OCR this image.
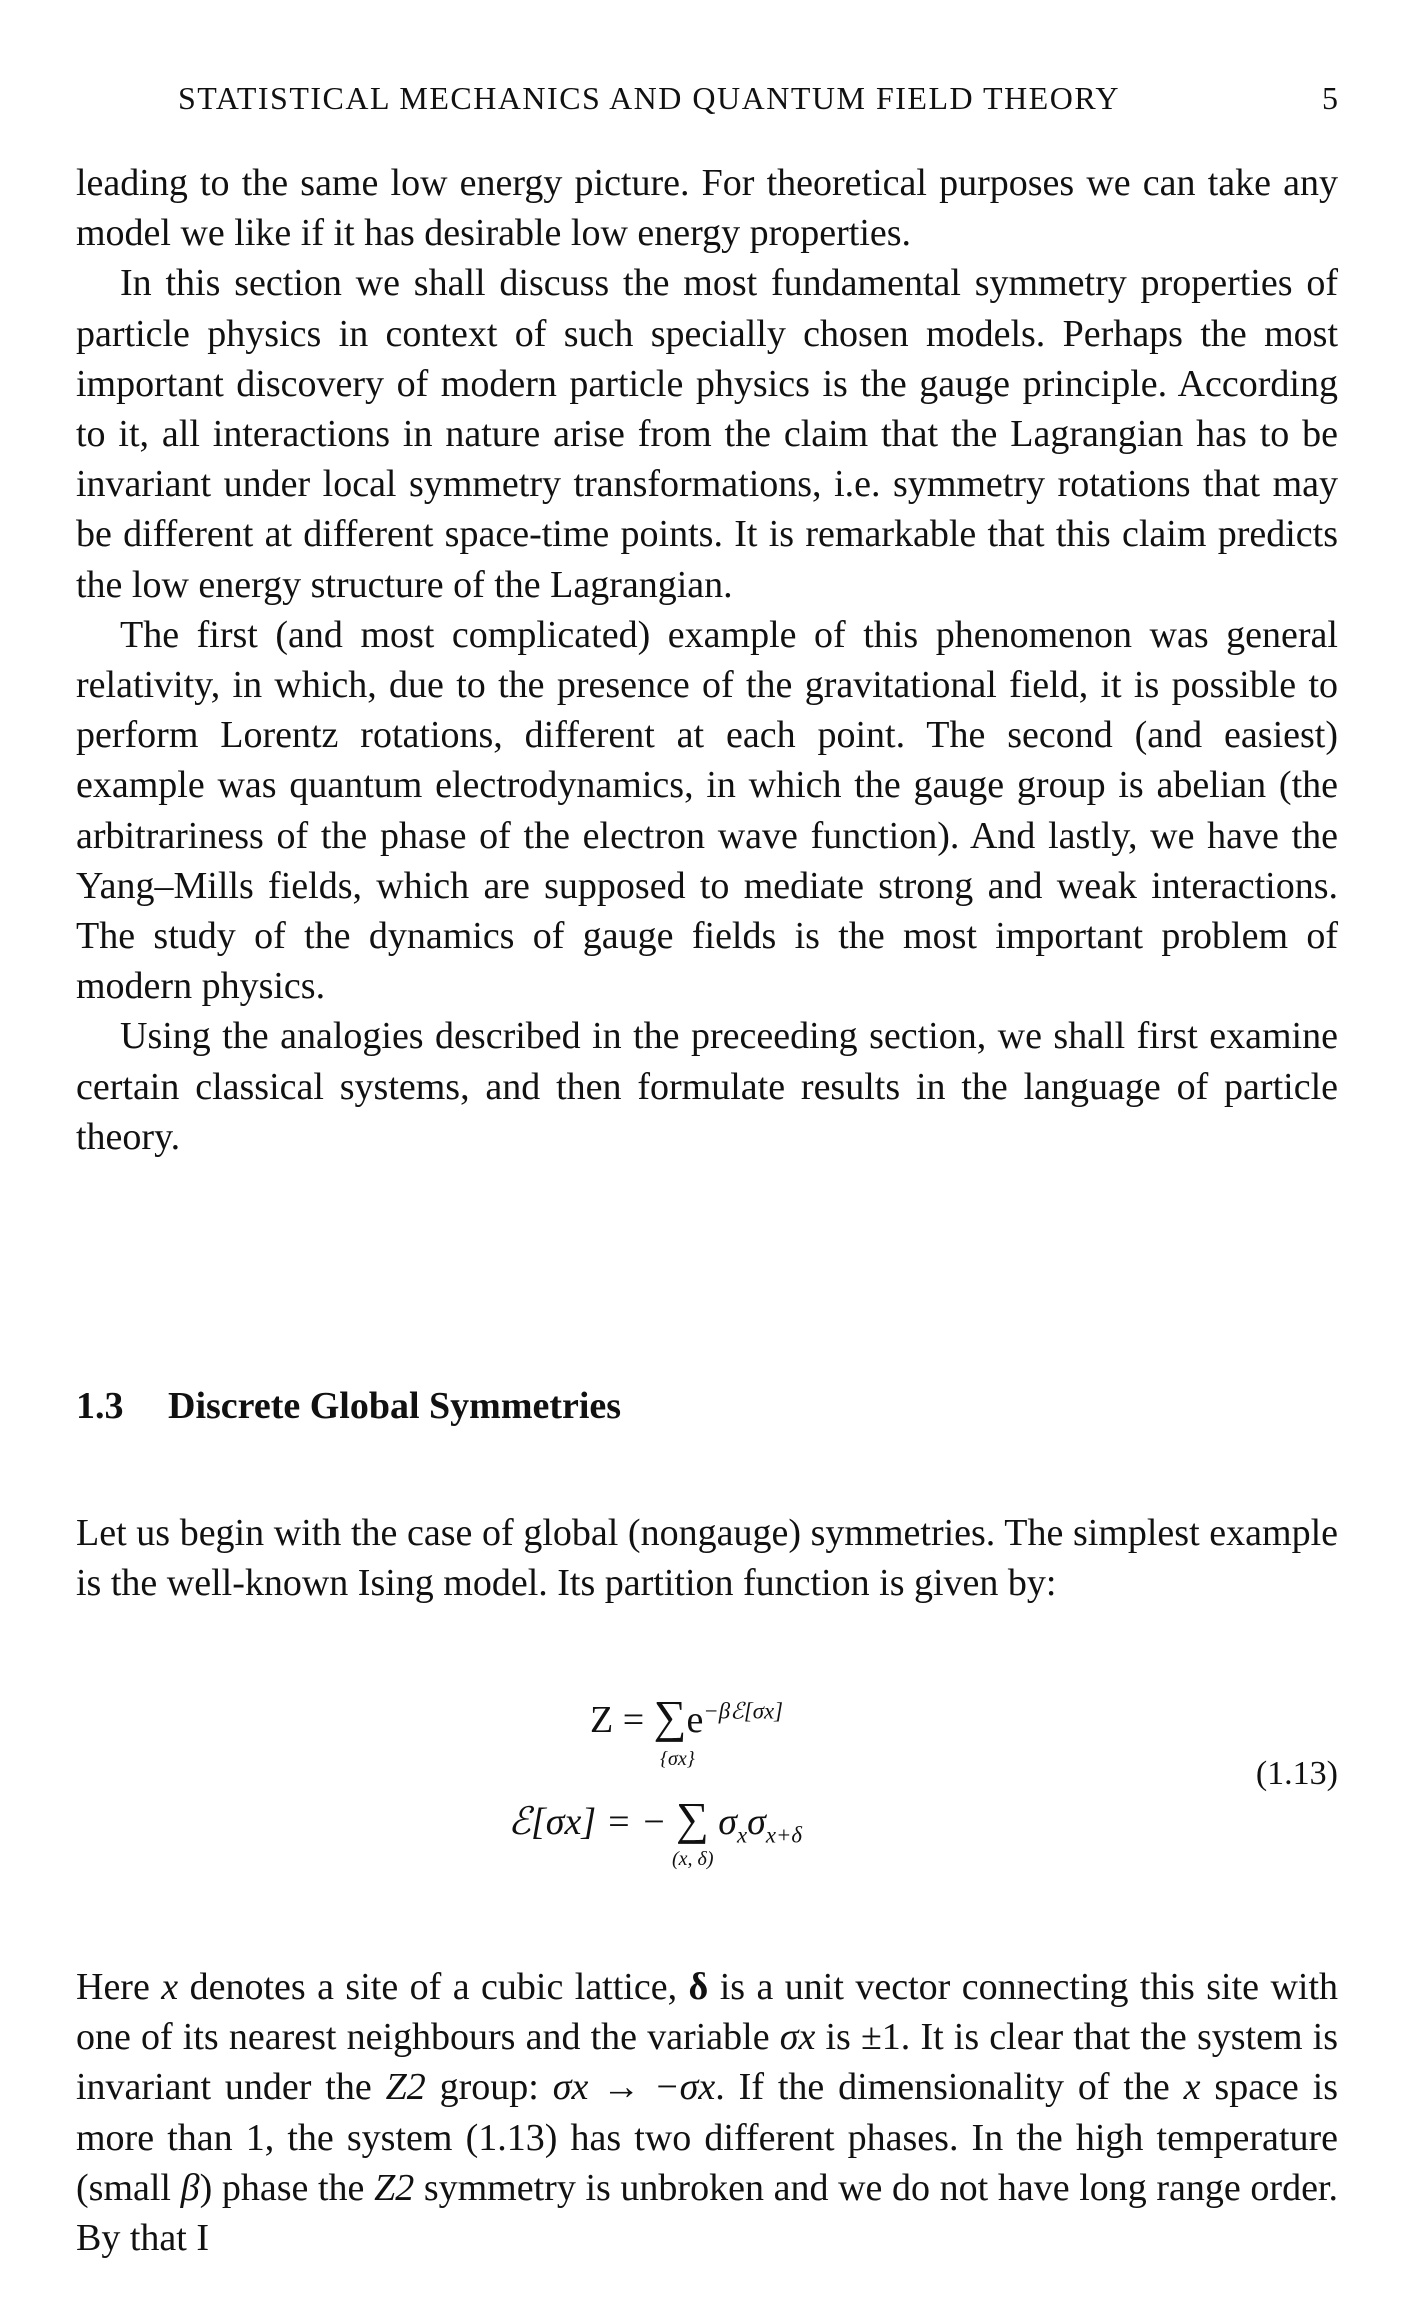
STATISTICAL MECHANICS AND QUANTUM FIELD THEORY	5

leading to the same low energy picture. For theoretical purposes we can take any model we like if it has desirable low energy properties.

In this section we shall discuss the most fundamental symmetry properties of particle physics in context of such specially chosen models. Perhaps the most important discovery of modern particle physics is the gauge principle. According to it, all interactions in nature arise from the claim that the Lagrangian has to be invariant under local symmetry transformations, i.e. symmetry rotations that may be different at different space-time points. It is remarkable that this claim predicts the low energy structure of the Lagrangian.

The first (and most complicated) example of this phenomenon was general relativity, in which, due to the presence of the gravitational field, it is possible to perform Lorentz rotations, different at each point. The second (and easiest) example was quantum electrodynamics, in which the gauge group is abelian (the arbitrariness of the phase of the electron wave function). And lastly, we have the Yang–Mills fields, which are supposed to mediate strong and weak interactions. The study of the dynamics of gauge fields is the most important problem of modern physics.

Using the analogies described in the preceeding section, we shall first examine certain classical systems, and then formulate results in the language of particle theory.

1.3 Discrete Global Symmetries

Let us begin with the case of global (nongauge) symmetries. The simplest example is the well-known Ising model. Its partition function is given by:

$Z = \sum e^{-\beta ℰ[\sigma x]}$
{σx}
ℰ[σx] = − ∑ $\sigma_x\sigma_{x+\delta}$
(x, δ)
(1.13)

Here x denotes a site of a cubic lattice, δ is a unit vector connecting this site with one of its nearest neighbours and the variable σx is ±1. It is clear that the system is invariant under the Z2 group: σx → −σx. If the dimensionality of the x space is more than 1, the system (1.13) has two different phases. In the high temperature (small β) phase the Z2 symmetry is unbroken and we do not have long range order. By that I
